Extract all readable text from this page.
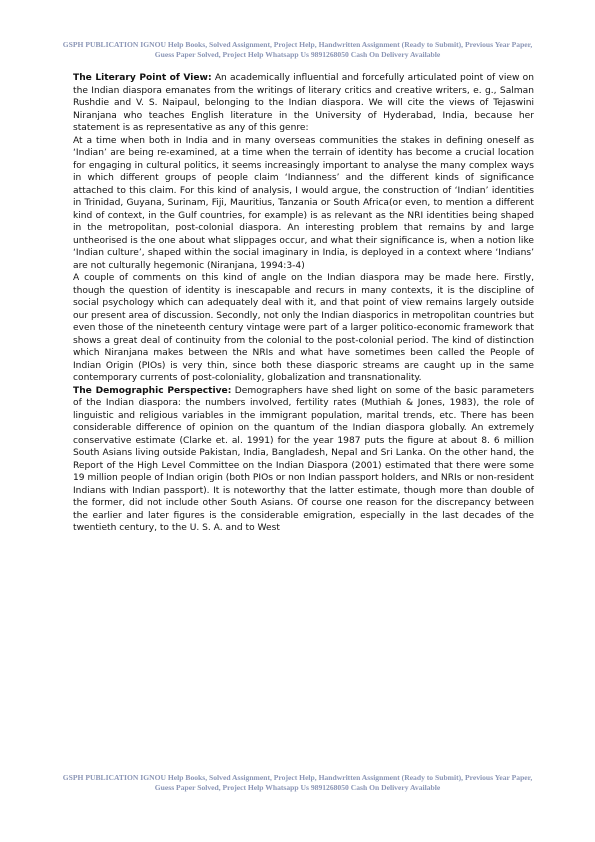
GSPH PUBLICATION IGNOU Help Books, Solved Assignment, Project Help, Handwritten Assignment (Ready to Submit), Previous Year Paper, Guess Paper Solved, Project Help Whatsapp Us 9891268050 Cash On Delivery Available

The Literary Point of View: An academically influential and forcefully articulated point of view on the Indian diaspora emanates from the writings of literary critics and creative writers, e. g., Salman Rushdie and V. S. Naipaul, belonging to the Indian diaspora. We will cite the views of Tejaswini Niranjana who teaches English literature in the University of Hyderabad, India, because her statement is as representative as any of this genre:

At a time when both in India and in many overseas communities the stakes in defining oneself as ‘Indian’ are being re-examined, at a time when the terrain of identity has become a crucial location for engaging in cultural politics, it seems increasingly important to analyse the many complex ways in which different groups of people claim ‘Indianness’ and the different kinds of significance attached to this claim. For this kind of analysis, I would argue, the construction of ‘Indian’ identities in Trinidad, Guyana, Surinam, Fiji, Mauritius, Tanzania or South Africa(or even, to mention a different kind of context, in the Gulf countries, for example) is as relevant as the NRI identities being shaped in the metropolitan, post-colonial diaspora. An interesting problem that remains by and large untheorised is the one about what slippages occur, and what their significance is, when a notion like ‘Indian culture’, shaped within the social imaginary in India, is deployed in a context where ‘Indians’ are not culturally hegemonic (Niranjana, 1994:3-4)

A couple of comments on this kind of angle on the Indian diaspora may be made here. Firstly, though the question of identity is inescapable and recurs in many contexts, it is the discipline of social psychology which can adequately deal with it, and that point of view remains largely outside our present area of discussion. Secondly, not only the Indian diasporics in metropolitan countries but even those of the nineteenth century vintage were part of a larger politico-economic framework that shows a great deal of continuity from the colonial to the post-colonial period. The kind of distinction which Niranjana makes between the NRIs and what have sometimes been called the People of Indian Origin (PIOs) is very thin, since both these diasporic streams are caught up in the same contemporary currents of post-coloniality, globalization and transnationality.

The Demographic Perspective: Demographers have shed light on some of the basic parameters of the Indian diaspora: the numbers involved, fertility rates (Muthiah & Jones, 1983), the role of linguistic and religious variables in the immigrant population, marital trends, etc. There has been considerable difference of opinion on the quantum of the Indian diaspora globally. An extremely conservative estimate (Clarke et. al. 1991) for the year 1987 puts the figure at about 8. 6 million South Asians living outside Pakistan, India, Bangladesh, Nepal and Sri Lanka. On the other hand, the Report of the High Level Committee on the Indian Diaspora (2001) estimated that there were some 19 million people of Indian origin (both PIOs or non Indian passport holders, and NRIs or non-resident Indians with Indian passport). It is noteworthy that the latter estimate, though more than double of the former, did not include other South Asians. Of course one reason for the discrepancy between the earlier and later figures is the considerable emigration, especially in the last decades of the twentieth century, to the U. S. A. and to West

GSPH PUBLICATION IGNOU Help Books, Solved Assignment, Project Help, Handwritten Assignment (Ready to Submit), Previous Year Paper, Guess Paper Solved, Project Help Whatsapp Us 9891268050 Cash On Delivery Available
